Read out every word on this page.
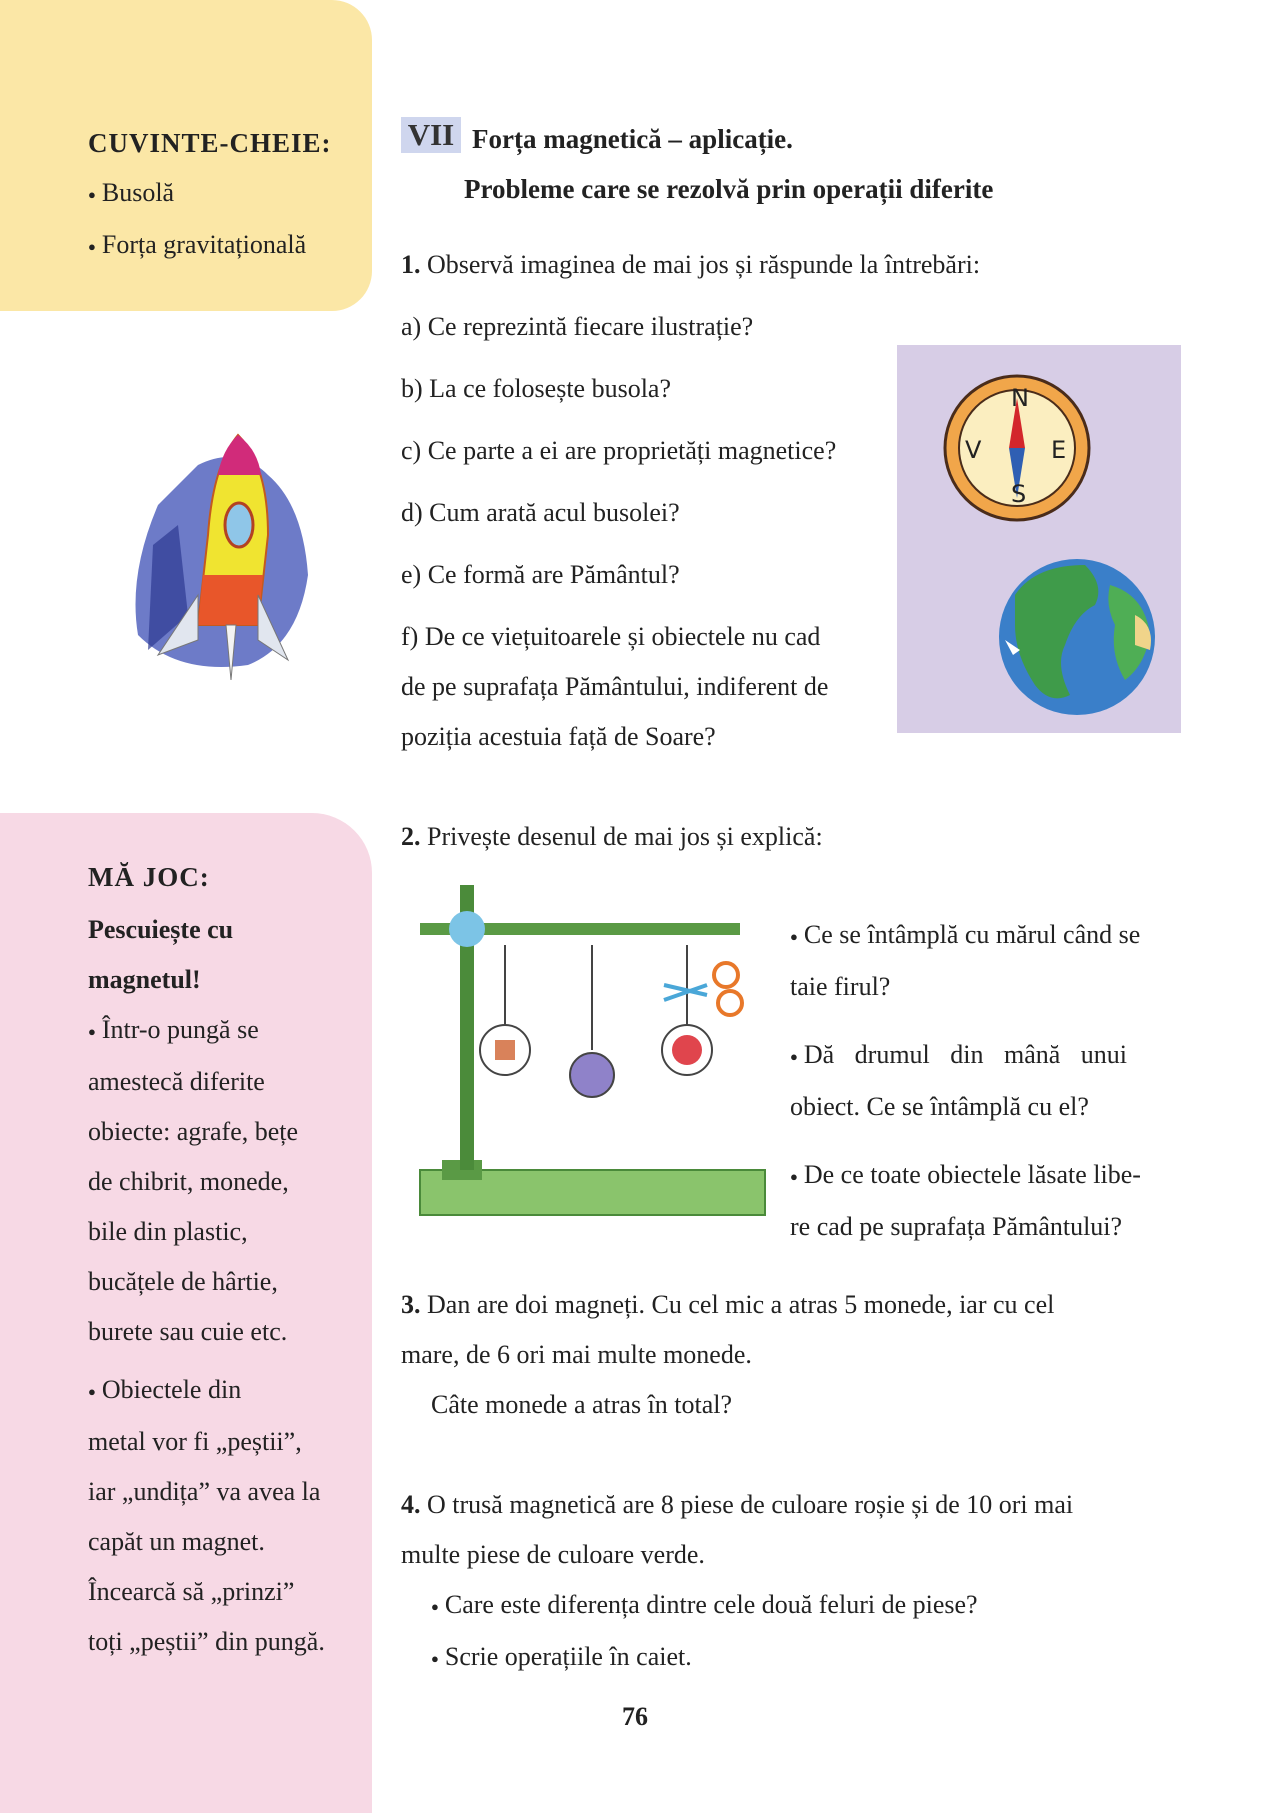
CUVINTE-CHEIE:
● Busolă
● Forța gravitațională
MĂ JOC:
Pescuiește cu
magnetul!
● Într-o pungă se
amestecă diferite
obiecte: agrafe, bețe
de chibrit, monede,
bile din plastic,
bucățele de hârtie,
burete sau cuie etc.
● Obiectele din
metal vor fi „peștii”,
iar „undița” va avea la
capăt un magnet.
Încearcă să „prinzi”
toți „peștii” din pungă.
VII Forța magnetică – aplicație.
Probleme care se rezolvă prin operații diferite
1. Observă imaginea de mai jos și răspunde la întrebări:
a) Ce reprezintă fiecare ilustrație?
b) La ce folosește busola?
c) Ce parte a ei are proprietăți magnetice?
d) Cum arată acul busolei?
e) Ce formă are Pământul?
f) De ce viețuitoarele și obiectele nu cad
de pe suprafața Pământului, indiferent de
poziția acestuia față de Soare?
N
E
S
V
2. Privește desenul de mai jos și explică:
● Ce se întâmplă cu mărul când se
taie firul?
● Dă drumul din mână unui
obiect. Ce se întâmplă cu el?
● De ce toate obiectele lăsate libe-
re cad pe suprafața Pământului?
3. Dan are doi magneți. Cu cel mic a atras 5 monede, iar cu cel
mare, de 6 ori mai multe monede.
Câte monede a atras în total?
4. O trusă magnetică are 8 piese de culoare roșie și de 10 ori mai
multe piese de culoare verde.
● Care este diferența dintre cele două feluri de piese?
● Scrie operațiile în caiet.
76
